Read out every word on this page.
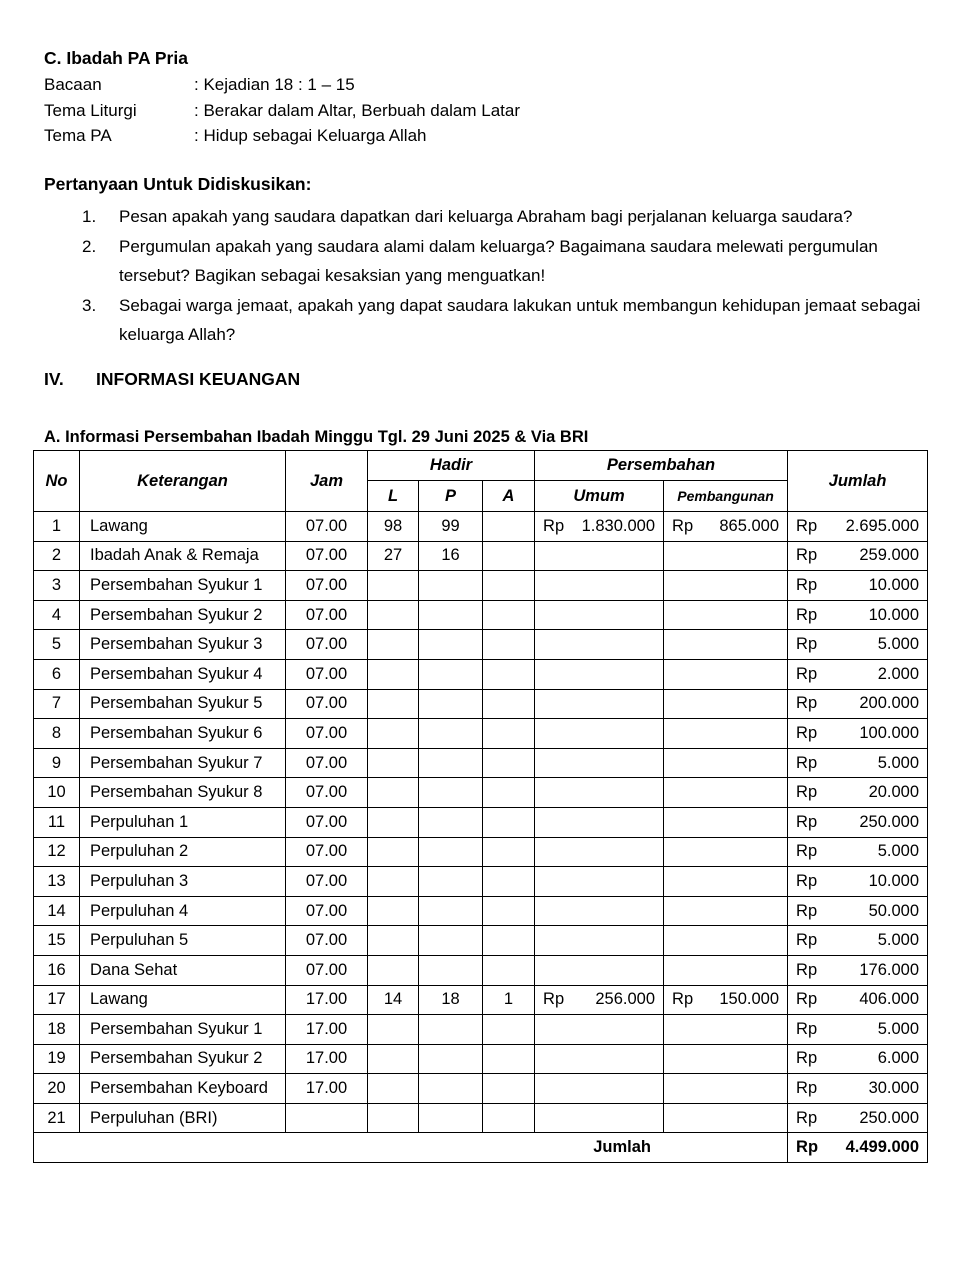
C. Ibadah PA Pria
Bacaan	: Kejadian 18 : 1 – 15
Tema Liturgi	: Berakar dalam Altar, Berbuah dalam Latar
Tema PA	: Hidup sebagai Keluarga Allah
Pertanyaan Untuk Didiskusikan:
1.	Pesan apakah yang saudara dapatkan dari keluarga Abraham bagi perjalanan keluarga saudara?
2.	Pergumulan apakah yang saudara alami dalam keluarga? Bagaimana saudara melewati pergumulan tersebut? Bagikan sebagai kesaksian yang menguatkan!
3.	Sebagai warga jemaat, apakah yang dapat saudara lakukan untuk membangun kehidupan jemaat sebagai keluarga Allah?
IV.	INFORMASI KEUANGAN
A. Informasi Persembahan Ibadah Minggu Tgl. 29 Juni 2025 & Via BRI
No	Keterangan	Jam	Hadir			Persembahan		Jumlah
			L	P	A	Umum	Pembangunan	
1	Lawang	07.00	98	99		Rp 1.830.000	Rp 865.000	Rp 2.695.000

2	Ibadah Anak & Remaja	07.00	27	16				Rp 259.000

3	Persembahan Syukur 1	07.00						Rp 10.000

4	Persembahan Syukur 2	07.00						Rp 10.000

5	Persembahan Syukur 3	07.00						Rp 5.000

6	Persembahan Syukur 4	07.00						Rp 2.000

7	Persembahan Syukur 5	07.00						Rp 200.000

8	Persembahan Syukur 6	07.00						Rp 100.000

9	Persembahan Syukur 7	07.00						Rp 5.000

10	Persembahan Syukur 8	07.00						Rp 20.000

11	Perpuluhan 1	07.00						Rp 250.000

12	Perpuluhan 2	07.00						Rp 5.000

13	Perpuluhan 3	07.00						Rp 10.000

14	Perpuluhan 4	07.00						Rp 50.000

15	Perpuluhan 5	07.00						Rp 5.000

16	Dana Sehat	07.00						Rp 176.000

17	Lawang	17.00	14	18	1	Rp 256.000	Rp 150.000	Rp 406.000

18	Persembahan Syukur 1	17.00						Rp 5.000

19	Persembahan Syukur 2	17.00						Rp 6.000

20	Persembahan Keyboard	17.00						Rp 30.000

21	Perpuluhan (BRI)							Rp 250.000

Jumlah								Rp 4.499.000
